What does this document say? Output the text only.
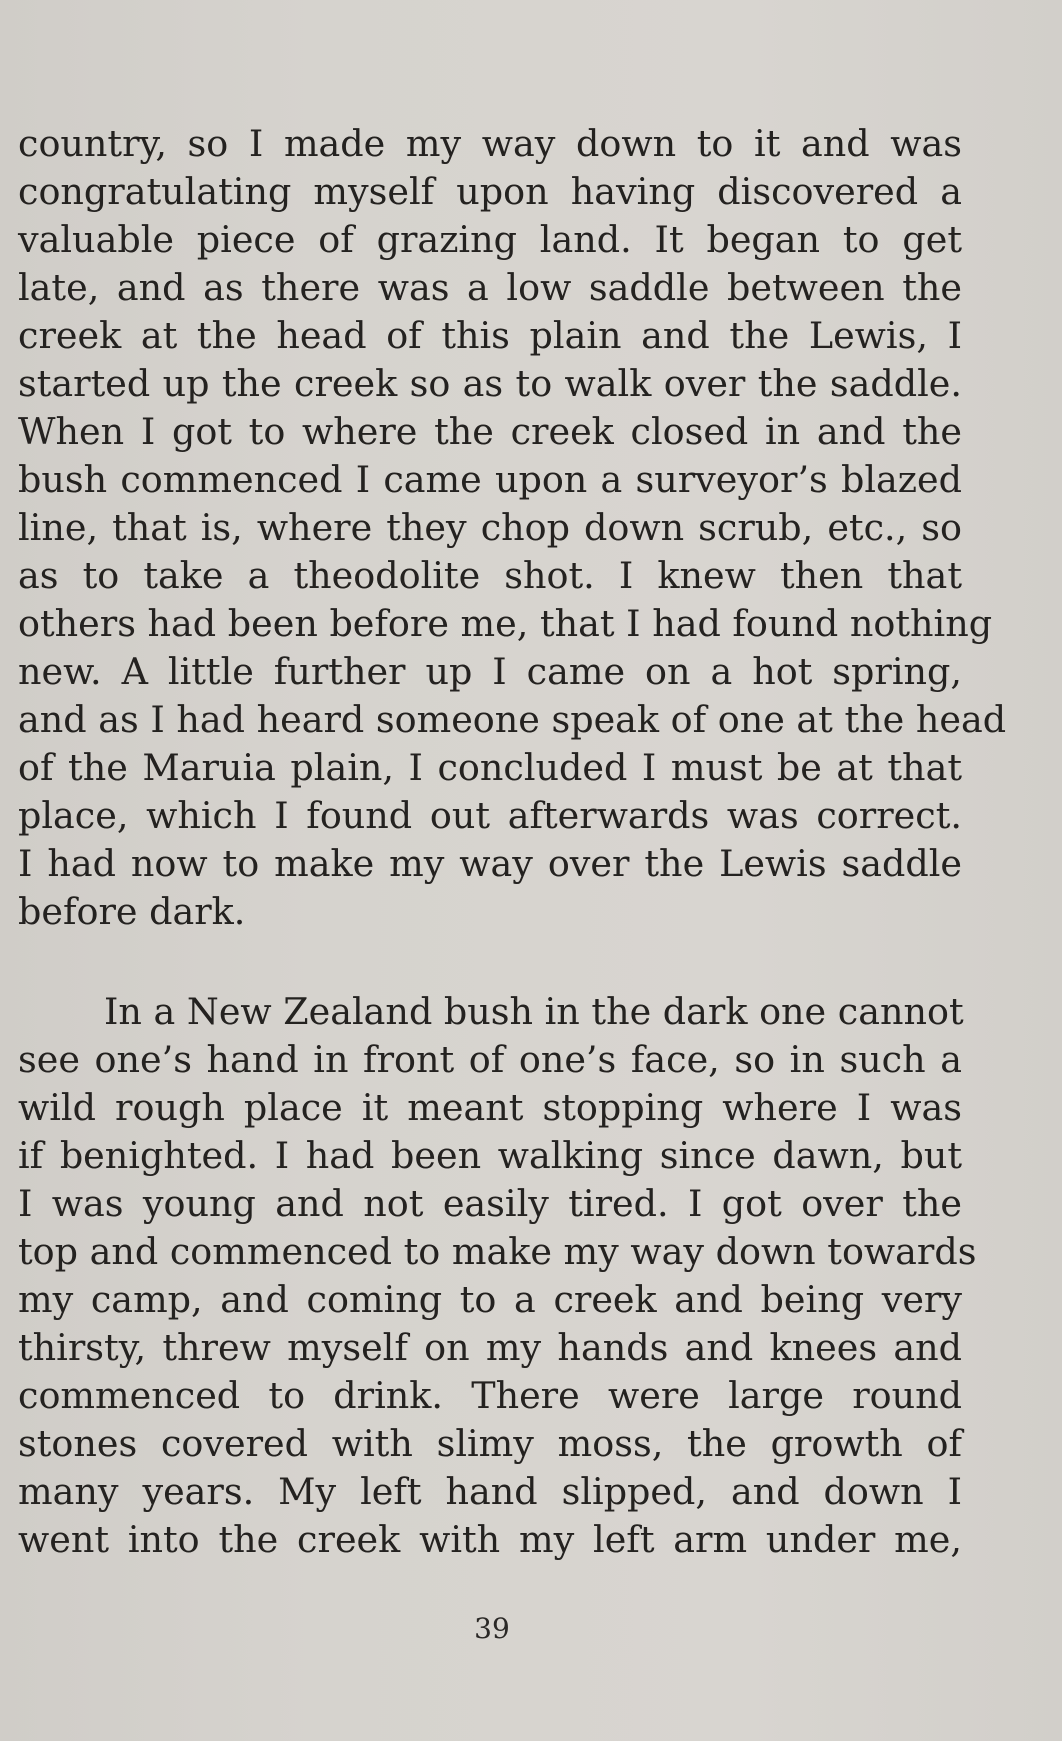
country, so I made my way down to it and was
congratulating myself upon having discovered a
valuable piece of grazing land. It began to get
late, and as there was a low saddle between the
creek at the head of this plain and the Lewis, I
started up the creek so as to walk over the saddle.
When I got to where the creek closed in and the
bush commenced I came upon a surveyor’s blazed
line, that is, where they chop down scrub, etc., so
as to take a theodolite shot. I knew then that
others had been before me, that I had found nothing
new. A little further up I came on a hot spring,
and as I had heard someone speak of one at the head
of the Maruia plain, I concluded I must be at that
place, which I found out afterwards was correct.
I had now to make my way over the Lewis saddle
before dark.
In a New Zealand bush in the dark one cannot
see one’s hand in front of one’s face, so in such a
wild rough place it meant stopping where I was
if benighted. I had been walking since dawn, but
I was young and not easily tired. I got over the
top and commenced to make my way down towards
my camp, and coming to a creek and being very
thirsty, threw myself on my hands and knees and
commenced to drink. There were large round
stones covered with slimy moss, the growth of
many years. My left hand slipped, and down I
went into the creek with my left arm under me,
39
